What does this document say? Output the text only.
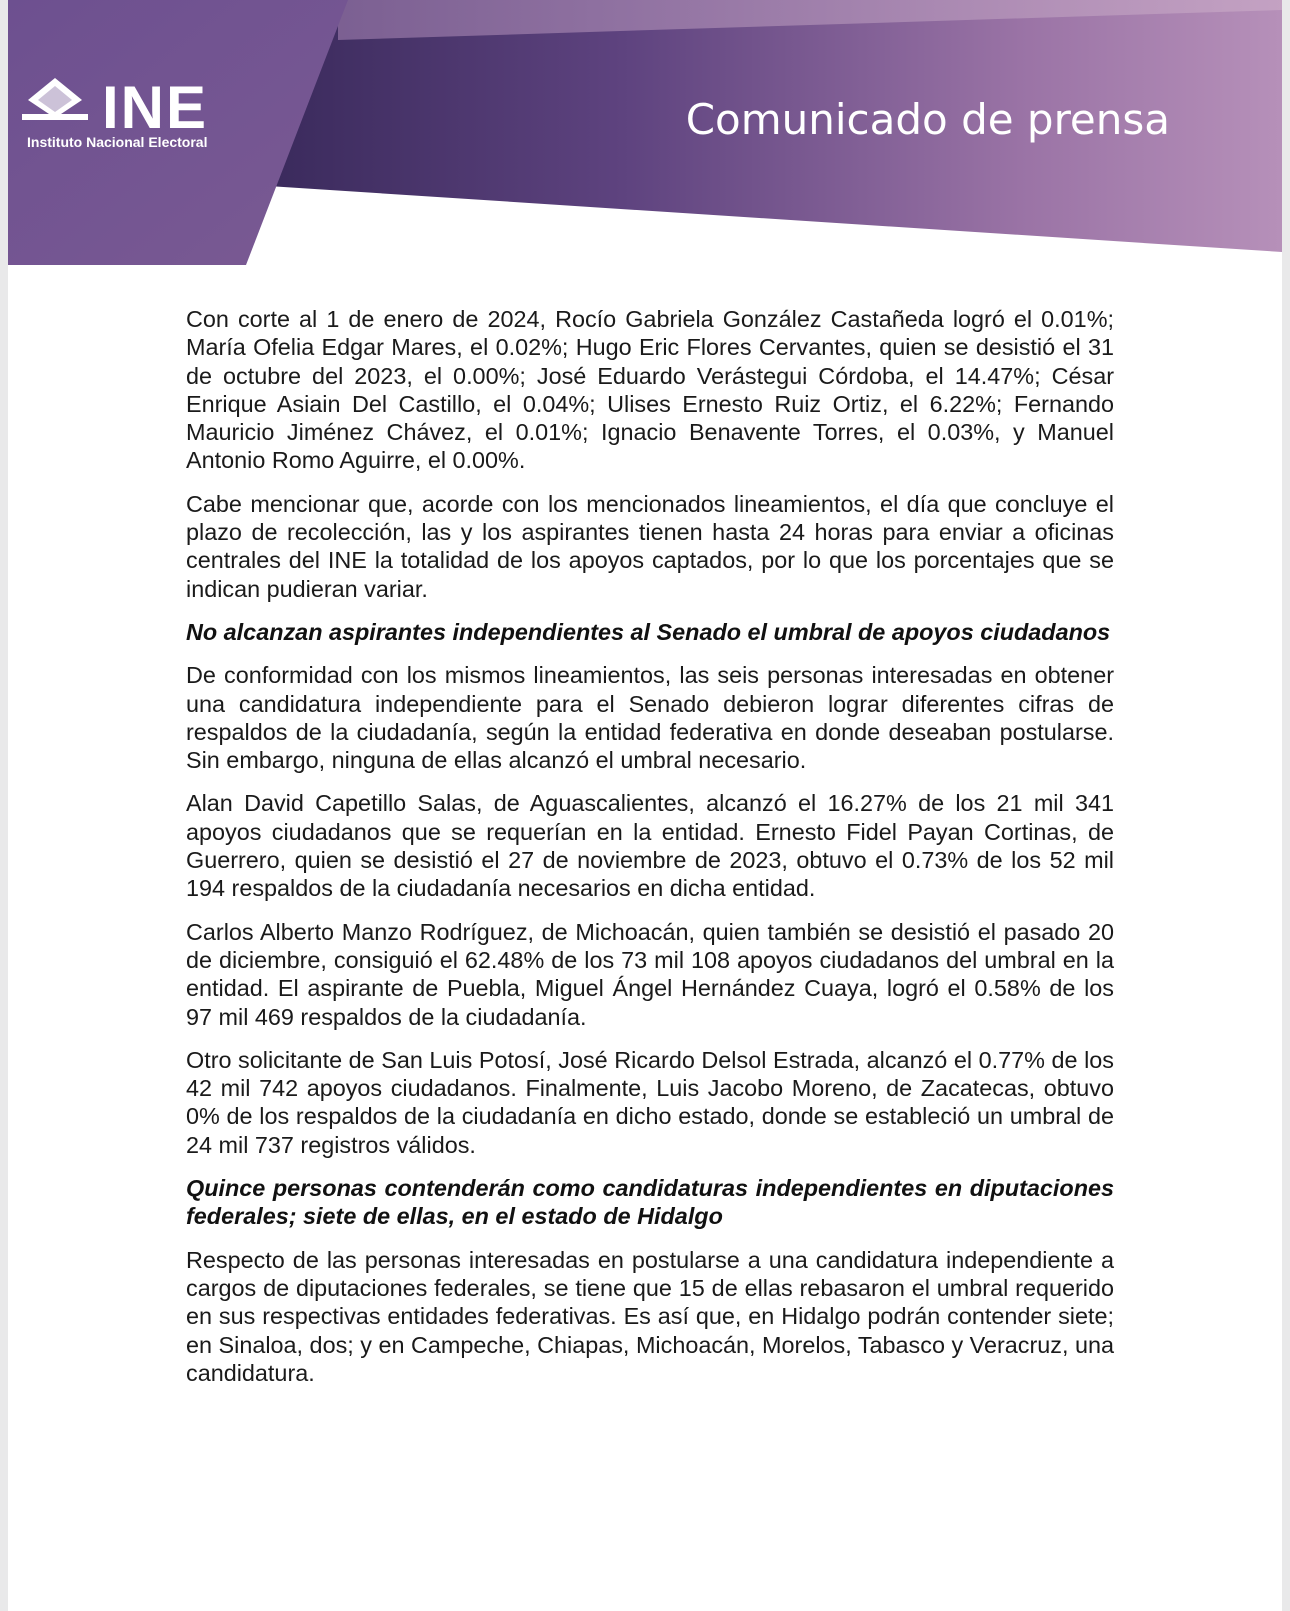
INE
Instituto Nacional Electoral	Comunicado de prensa

Con corte al 1 de enero de 2024, Rocío Gabriela González Castañeda logró el 0.01%; María Ofelia Edgar Mares, el 0.02%; Hugo Eric Flores Cervantes, quien se desistió el 31 de octubre del 2023, el 0.00%; José Eduardo Verástegui Córdoba, el 14.47%; César Enrique Asiain Del Castillo, el 0.04%; Ulises Ernesto Ruiz Ortiz, el 6.22%; Fernando Mauricio Jiménez Chávez, el 0.01%; Ignacio Benavente Torres, el 0.03%, y Manuel Antonio Romo Aguirre, el 0.00%.

Cabe mencionar que, acorde con los mencionados lineamientos, el día que concluye el plazo de recolección, las y los aspirantes tienen hasta 24 horas para enviar a oficinas centrales del INE la totalidad de los apoyos captados, por lo que los porcentajes que se indican pudieran variar.

No alcanzan aspirantes independientes al Senado el umbral de apoyos ciudadanos

De conformidad con los mismos lineamientos, las seis personas interesadas en obtener una candidatura independiente para el Senado debieron lograr diferentes cifras de respaldos de la ciudadanía, según la entidad federativa en donde deseaban postularse. Sin embargo, ninguna de ellas alcanzó el umbral necesario.

Alan David Capetillo Salas, de Aguascalientes, alcanzó el 16.27% de los 21 mil 341 apoyos ciudadanos que se requerían en la entidad. Ernesto Fidel Payan Cortinas, de Guerrero, quien se desistió el 27 de noviembre de 2023, obtuvo el 0.73% de los 52 mil 194 respaldos de la ciudadanía necesarios en dicha entidad.

Carlos Alberto Manzo Rodríguez, de Michoacán, quien también se desistió el pasado 20 de diciembre, consiguió el 62.48% de los 73 mil 108 apoyos ciudadanos del umbral en la entidad. El aspirante de Puebla, Miguel Ángel Hernández Cuaya, logró el 0.58% de los 97 mil 469 respaldos de la ciudadanía.

Otro solicitante de San Luis Potosí, José Ricardo Delsol Estrada, alcanzó el 0.77% de los 42 mil 742 apoyos ciudadanos. Finalmente, Luis Jacobo Moreno, de Zacatecas, obtuvo 0% de los respaldos de la ciudadanía en dicho estado, donde se estableció un umbral de 24 mil 737 registros válidos.

Quince personas contenderán como candidaturas independientes en diputaciones federales; siete de ellas, en el estado de Hidalgo

Respecto de las personas interesadas en postularse a una candidatura independiente a cargos de diputaciones federales, se tiene que 15 de ellas rebasaron el umbral requerido en sus respectivas entidades federativas. Es así que, en Hidalgo podrán contender siete; en Sinaloa, dos; y en Campeche, Chiapas, Michoacán, Morelos, Tabasco y Veracruz, una candidatura.
